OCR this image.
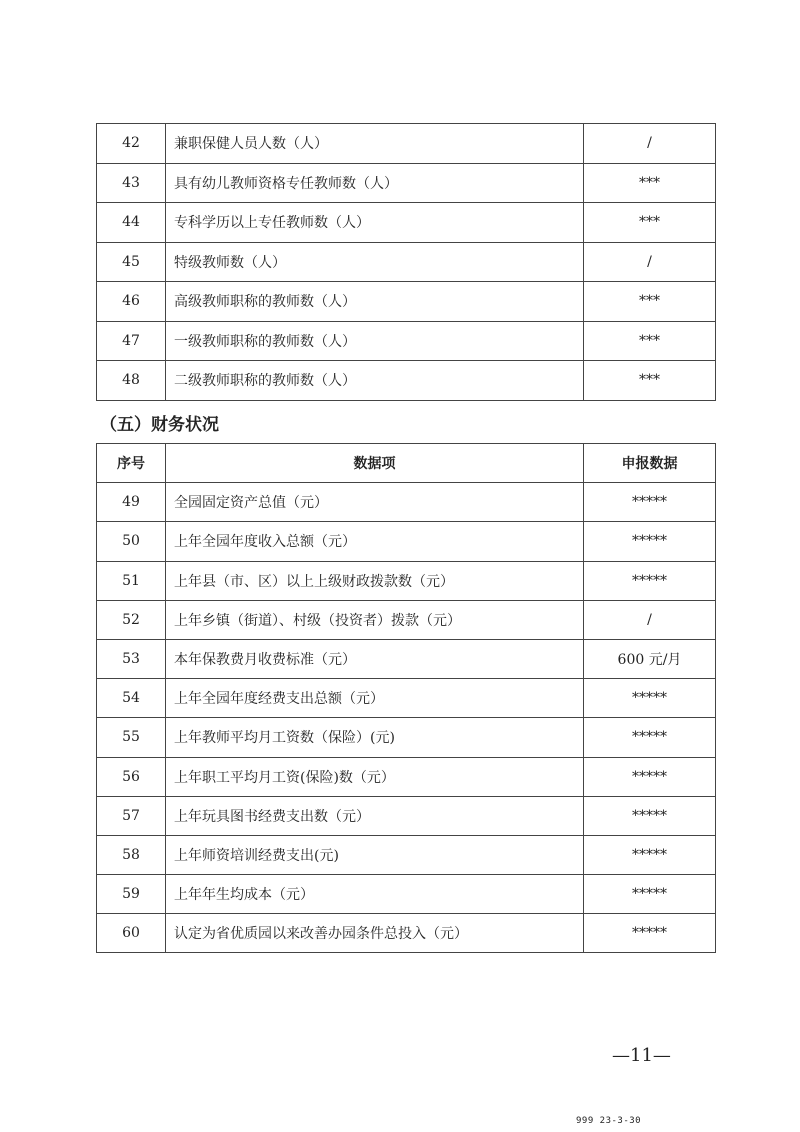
42	兼职保健人员人数（人）	/
43	具有幼儿教师资格专任教师数（人）	***
44	专科学历以上专任教师数（人）	***
45	特级教师数（人）	/
46	高级教师职称的教师数（人）	***
47	一级教师职称的教师数（人）	***
48	二级教师职称的教师数（人）	***
（五）财务状况
序号	数据项	申报数据
49	全园固定资产总值（元）	*****
50	上年全园年度收入总额（元）	*****
51	上年县（市、区）以上上级财政拨款数（元）	*****
52	上年乡镇（街道）、村级（投资者）拨款（元）	/
53	本年保教费月收费标准（元）	600 元/月
54	上年全园年度经费支出总额（元）	*****
55	上年教师平均月工资数（保险）(元)	*****
56	上年职工平均月工资(保险)数（元）	*****
57	上年玩具图书经费支出数（元）	*****
58	上年师资培训经费支出(元)	*****
59	上年年生均成本（元）	*****
60	认定为省优质园以来改善办园条件总投入（元）	*****
—11—
999 23-3-30
